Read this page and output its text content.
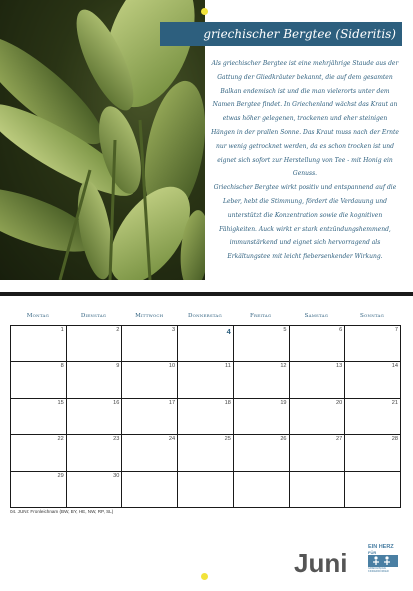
griechischer Bergtee (Sideritis)

Als griechischer Bergtee ist eine mehrjährige Staude aus der Gattung der Gliedkräuter bekannt, die auf dem gesamten Balkan endemisch ist und die man vielerorts unter dem Namen Bergtee findet. In Griechenland wächst das Kraut an etwas höher gelegenen, trockenen und eher steinigen Hängen in der prallen Sonne. Das Kraut muss nach der Ernte nur wenig getrocknet werden, da es schon trocken ist und eignet sich sofort zur Herstellung von Tee - mit Honig ein Genuss.

Griechischer Bergtee wirkt positiv und entspannend auf die Leber, hebt die Stimmung, fördert die Verdauung und unterstützt die Konzentration sowie die kognitiven Fähigkeiten. Auck wirkt er stark entzündungshemmend, immunstärkend und eignet sich hervorragend als Erkältungstee mit leicht fiebersenkender Wirkung.

Montag	Dienstag	Mittwoch	Donnerstag	Freitag	Samstag	Sonntag
1	2	3	4	5	6	7
8	9	10	11	12	13	14
15	16	17	18	19	20	21
22	23	24	25	26	27	28
29	30
04. JUNI: Fronleichnam (BW, BY, HE, NW, RP, SL)
Juni
EIN HERZ
FÜR
GRIECHISCHE
KINDERDÖRFER
